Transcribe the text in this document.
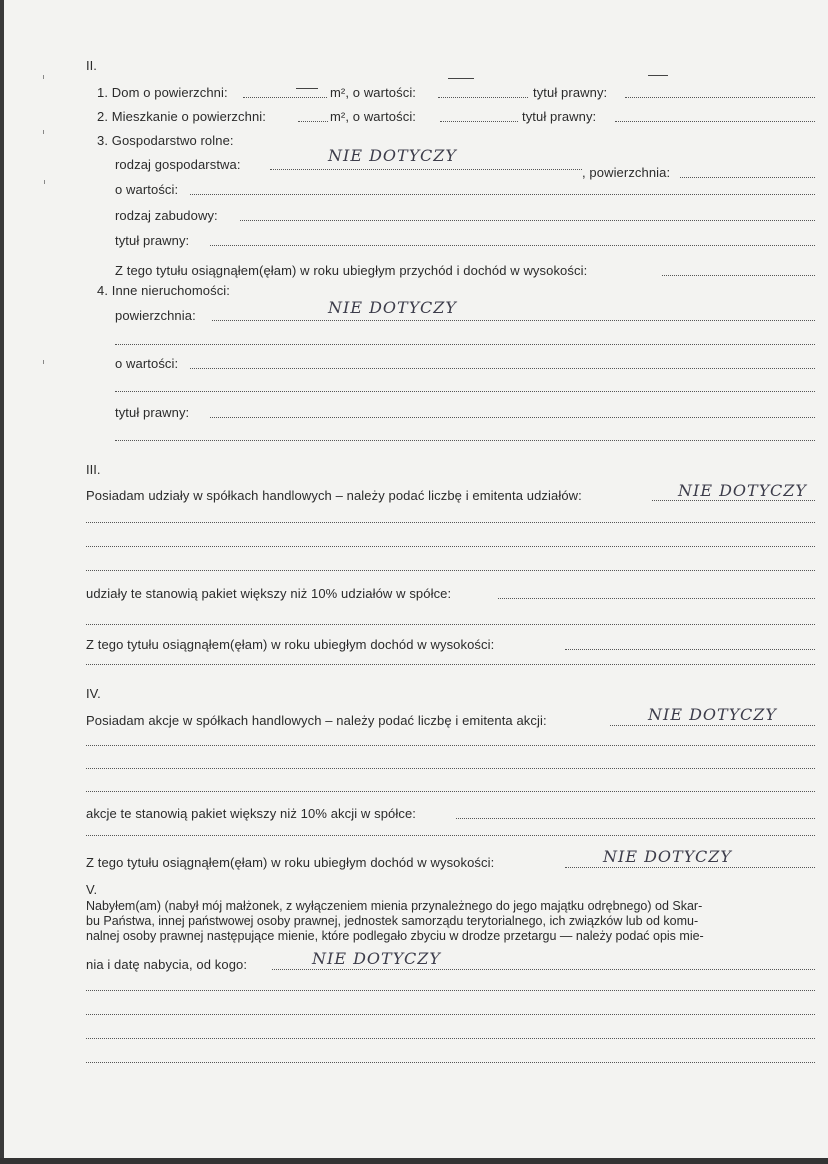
II.
1. Dom o powierzchni:	m², o wartości:	tytuł prawny:
2. Mieszkanie o powierzchni:	m², o wartości:	tytuł prawny:
3. Gospodarstwo rolne:
rodzaj gospodarstwa:	NIE DOTYCZY
, powierzchnia:
o wartości:
rodzaj zabudowy:
tytuł prawny:
Z tego tytułu osiągnąłem(ęłam) w roku ubiegłym przychód i dochód w wysokości:
4. Inne nieruchomości:
powierzchnia:	NIE DOTYCZY
o wartości:
tytuł prawny:
III.
Posiadam udziały w spółkach handlowych – należy podać liczbę i emitenta udziałów:	NIE DOTYCZY
udziały te stanowią pakiet większy niż 10% udziałów w spółce:
Z tego tytułu osiągnąłem(ęłam) w roku ubiegłym dochód w wysokości:
IV.
Posiadam akcje w spółkach handlowych – należy podać liczbę i emitenta akcji:	NIE DOTYCZY
akcje te stanowią pakiet większy niż 10% akcji w spółce:
Z tego tytułu osiągnąłem(ęłam) w roku ubiegłym dochód w wysokości:	NIE DOTYCZY
V.
Nabyłem(am) (nabył mój małżonek, z wyłączeniem mienia przynależnego do jego majątku odrębnego) od Skar-
bu Państwa, innej państwowej osoby prawnej, jednostek samorządu terytorialnego, ich związków lub od komu-
nalnej osoby prawnej następujące mienie, które podlegało zbyciu w drodze przetargu — należy podać opis mie-
nia i datę nabycia, od kogo:	NIE DOTYCZY
